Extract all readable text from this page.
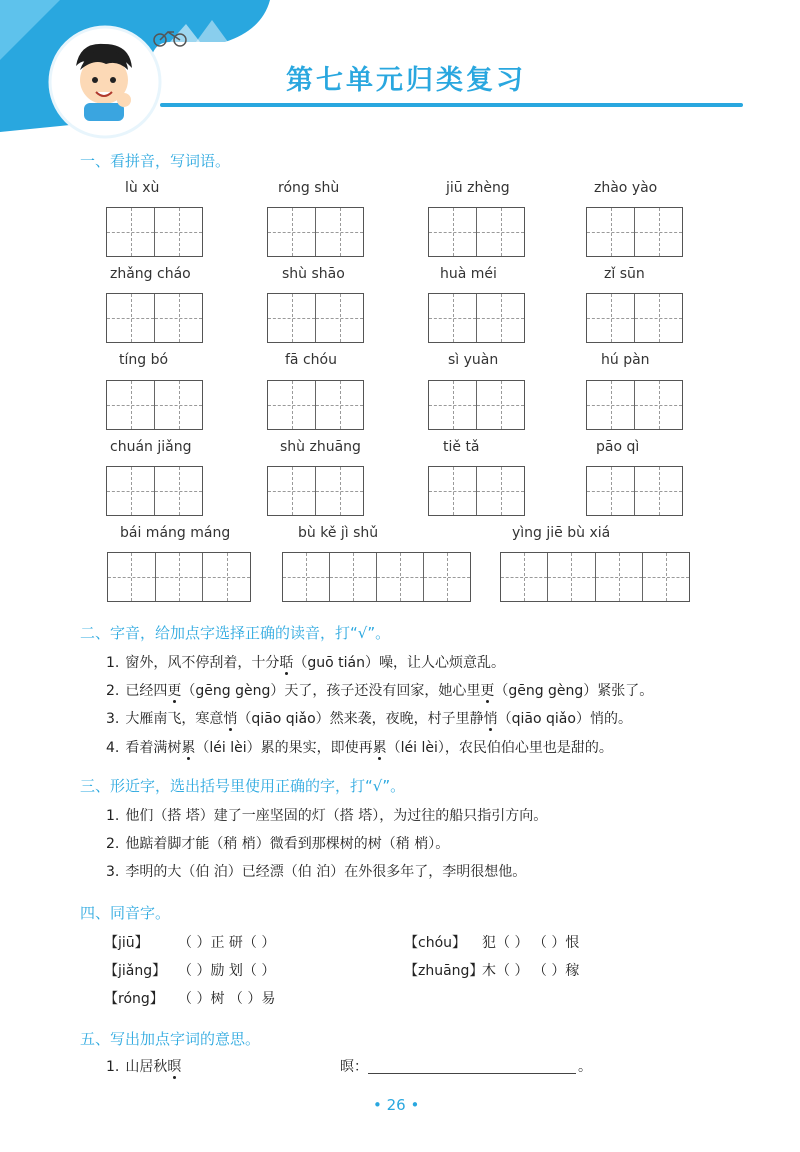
第七单元归类复习
一、看拼音，写词语。
lù xù	róng shù	jiū zhèng	zhào yào
zhǎng cháo	shù shāo	huà méi	zǐ sūn
tíng bó	fā chóu	sì yuàn	hú pàn
chuán jiǎng	shù zhuāng	tiě tǎ	pāo qì
bái máng máng	bù kě jì shǔ	yìng jiē bù xiá
二、字音，给加点字选择正确的读音，打“√”。
1. 窗外，风不停刮着，十分聒（guō tián）噪，让人心烦意乱。
2. 已经四更（gēng gèng）天了，孩子还没有回家，她心里更（gēng gèng）紧张了。
3. 大雁南飞，寒意悄（qiāo qiǎo）然来袭，夜晚，村子里静悄（qiāo qiǎo）悄的。
4. 看着满树累（léi lèi）累的果实，即使再累（léi lèi），农民伯伯心里也是甜的。
三、形近字，选出括号里使用正确的字，打“√”。
1. 他们（搭 塔）建了一座坚固的灯（搭 塔），为过往的船只指引方向。
2. 他踮着脚才能（稍 梢）微看到那棵树的树（稍 梢）。
3. 李明的大（伯 泊）已经漂（伯 泊）在外很多年了，李明很想他。
四、同音字。
【jiū】 （ ）正 研（ ）
【jiǎng】 （ ）励 划（ ）
【róng】 （ ）树 （ ）易
【chóu】 犯（ ） （ ）恨
【zhuāng】木（ ） （ ）稼
五、写出加点字词的意思。
1. 山居秋暝	暝：	。
• 26 •
